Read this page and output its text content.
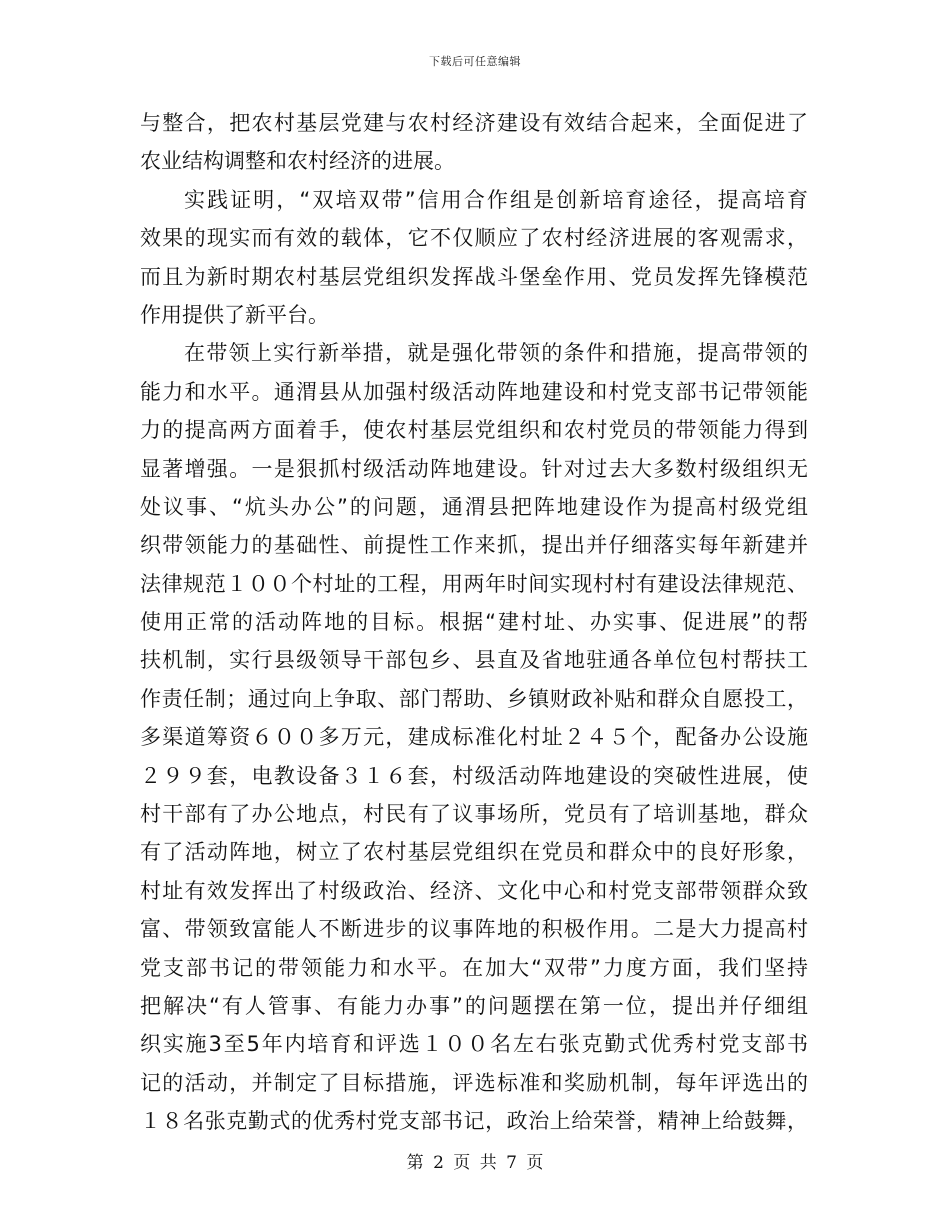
下载后可任意编辑
与整合，把农村基层党建与农村经济建设有效结合起来，全面促进了
农业结构调整和农村经济的进展。
实践证明，“双培双带”信用合作组是创新培育途径，提高培育
效果的现实而有效的载体，它不仅顺应了农村经济进展的客观需求，
而且为新时期农村基层党组织发挥战斗堡垒作用、党员发挥先锋模范
作用提供了新平台。
在带领上实行新举措，就是强化带领的条件和措施，提高带领的
能力和水平。通渭县从加强村级活动阵地建设和村党支部书记带领能
力的提高两方面着手，使农村基层党组织和农村党员的带领能力得到
显著增强。一是狠抓村级活动阵地建设。针对过去大多数村级组织无
处议事、“炕头办公”的问题，通渭县把阵地建设作为提高村级党组
织带领能力的基础性、前提性工作来抓，提出并仔细落实每年新建并
法律规范１００个村址的工程，用两年时间实现村村有建设法律规范、
使用正常的活动阵地的目标。根据“建村址、办实事、促进展”的帮
扶机制，实行县级领导干部包乡、县直及省地驻通各单位包村帮扶工
作责任制；通过向上争取、部门帮助、乡镇财政补贴和群众自愿投工，
多渠道筹资６００多万元，建成标准化村址２４５个，配备办公设施
２９９套，电教设备３１６套，村级活动阵地建设的突破性进展，使
村干部有了办公地点，村民有了议事场所，党员有了培训基地，群众
有了活动阵地，树立了农村基层党组织在党员和群众中的良好形象，
村址有效发挥出了村级政治、经济、文化中心和村党支部带领群众致
富、带领致富能人不断进步的议事阵地的积极作用。二是大力提高村
党支部书记的带领能力和水平。在加大“双带”力度方面，我们坚持
把解决“有人管事、有能力办事”的问题摆在第一位，提出并仔细组
织实施3至5年内培育和评选１００名左右张克勤式优秀村党支部书
记的活动，并制定了目标措施，评选标准和奖励机制，每年评选出的
１８名张克勤式的优秀村党支部书记，政治上给荣誉，精神上给鼓舞，
第 2 页 共 7 页
